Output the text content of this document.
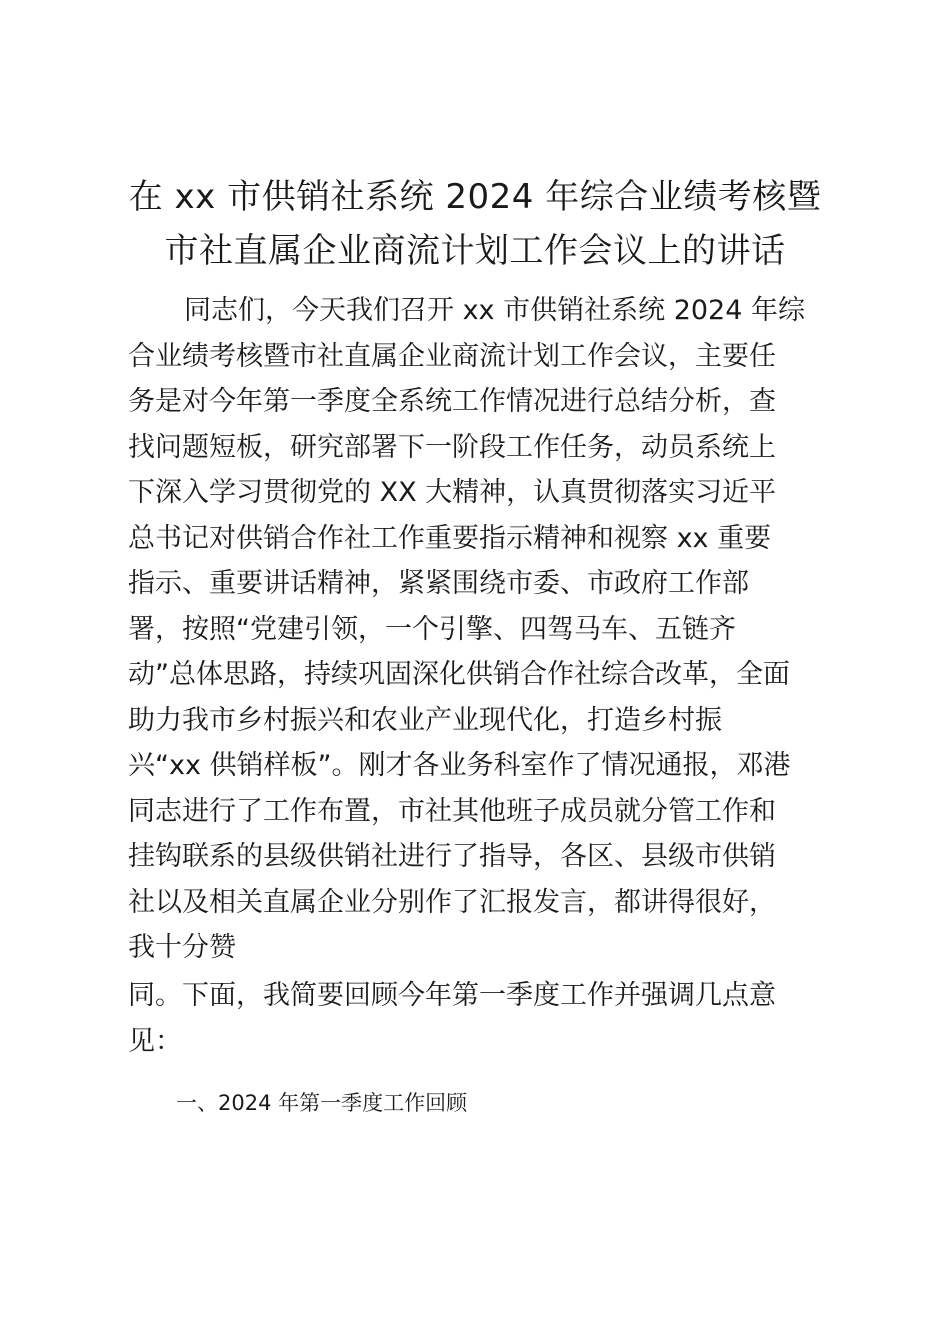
在 xx 市供销社系统 2024 年综合业绩考核暨
市社直属企业商流计划工作会议上的讲话

同志们，今天我们召开 xx 市供销社系统 2024 年综
合业绩考核暨市社直属企业商流计划工作会议，主要任
务是对今年第一季度全系统工作情况进行总结分析，查
找问题短板，研究部署下一阶段工作任务，动员系统上
下深入学习贯彻党的 XX 大精神，认真贯彻落实习近平
总书记对供销合作社工作重要指示精神和视察 xx 重要
指示、重要讲话精神，紧紧围绕市委、市政府工作部
署，按照“党建引领，一个引擎、四驾马车、五链齐
动”总体思路，持续巩固深化供销合作社综合改革，全面
助力我市乡村振兴和农业产业现代化，打造乡村振
兴“xx 供销样板”。刚才各业务科室作了情况通报，邓港
同志进行了工作布置，市社其他班子成员就分管工作和
挂钩联系的县级供销社进行了指导，各区、县级市供销
社以及相关直属企业分别作了汇报发言，都讲得很好，
我十分赞

同。下面，我简要回顾今年第一季度工作并强调几点意
见：

一、2024 年第一季度工作回顾
